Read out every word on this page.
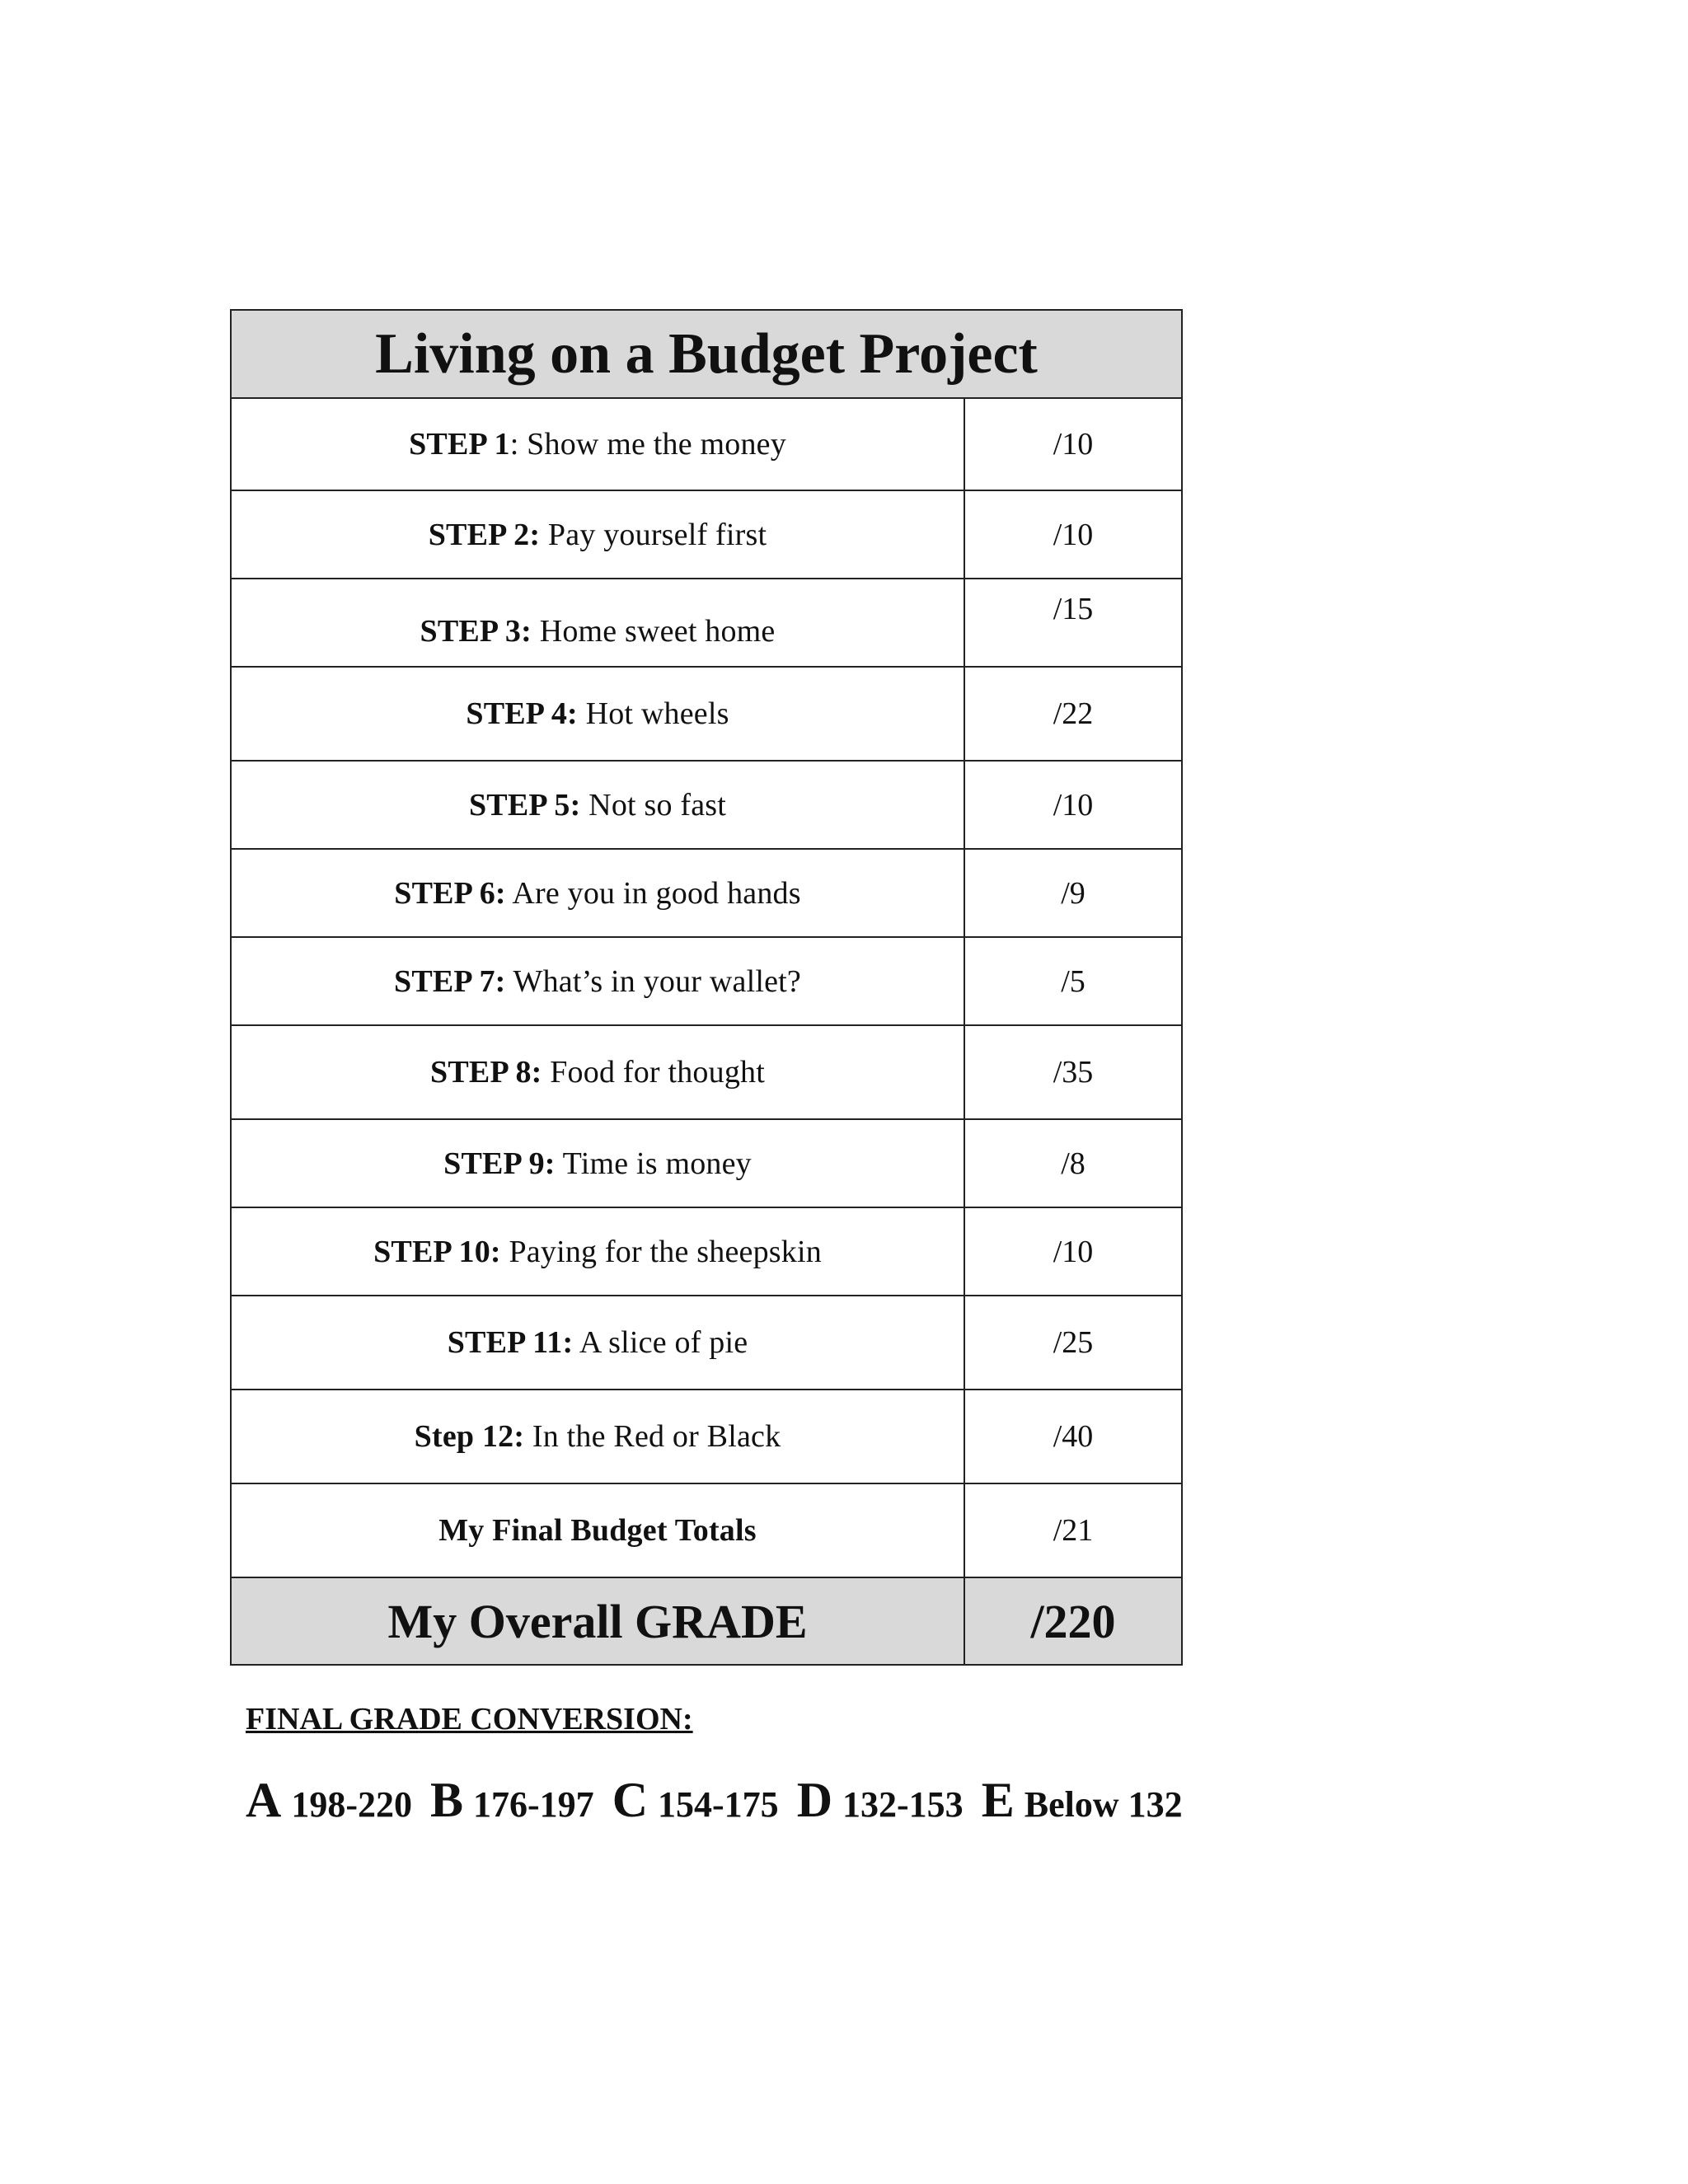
Living on a Budget Project	
STEP 1: Show me the money	/10
STEP 2: Pay yourself first	/10
STEP 3: Home sweet home	/15
STEP 4: Hot wheels	/22
STEP 5: Not so fast	/10
STEP 6: Are you in good hands	/9
STEP 7: What’s in your wallet?	/5
STEP 8: Food for thought	/35
STEP 9: Time is money	/8
STEP 10: Paying for the sheepskin	/10
STEP 11: A slice of pie	/25
Step 12: In the Red or Black	/40
My Final Budget Totals	/21
My Overall GRADE	/220

FINAL GRADE CONVERSION:

A 198-220 B 176-197 C 154-175 D 132-153 E Below 132
